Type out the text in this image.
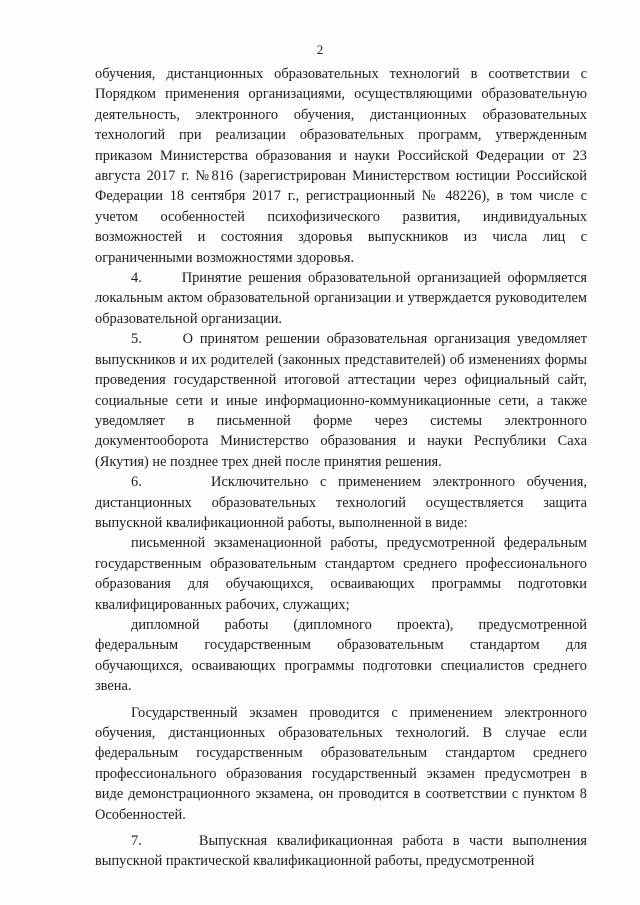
2

обучения, дистанционных образовательных технологий в соответствии с Порядком применения организациями, осуществляющими образовательную деятельность, электронного обучения, дистанционных образовательных технологий при реализации образовательных программ, утвержденным приказом Министерства образования и науки Российской Федерации от 23 августа 2017 г. №816 (зарегистрирован Министерством юстиции Российской Федерации 18 сентября 2017 г., регистрационный № 48226), в том числе с учетом особенностей психофизического развития, индивидуальных возможностей и состояния здоровья выпускников из числа лиц с ограниченными возможностями здоровья.

4.      Принятие решения образовательной организацией оформляется локальным актом образовательной организации и утверждается руководителем образовательной организации.

5.      О принятом решении образовательная организация уведомляет выпускников и их родителей (законных представителей) об изменениях формы проведения государственной итоговой аттестации через официальный сайт, социальные сети и иные информационно-коммуникационные сети, а также уведомляет в письменной форме через системы электронного документооборота Министерство образования и науки Республики Саха (Якутия) не позднее трех дней после принятия решения.

6.      Исключительно с применением электронного обучения, дистанционных образовательных технологий осуществляется защита выпускной квалификационной работы, выполненной в виде:

письменной экзаменационной работы, предусмотренной федеральным государственным образовательным стандартом среднего профессионального образования для обучающихся, осваивающих программы подготовки квалифицированных рабочих, служащих;

дипломной работы (дипломного проекта), предусмотренной федеральным государственным образовательным стандартом для обучающихся, осваивающих программы подготовки специалистов среднего звена.

Государственный экзамен проводится с применением электронного обучения, дистанционных образовательных технологий. В случае если федеральным государственным образовательным стандартом среднего профессионального образования государственный экзамен предусмотрен в виде демонстрационного экзамена, он проводится в соответствии с пунктом 8 Особенностей.

7.      Выпускная квалификационная работа в части выполнения выпускной практической квалификационной работы, предусмотренной
